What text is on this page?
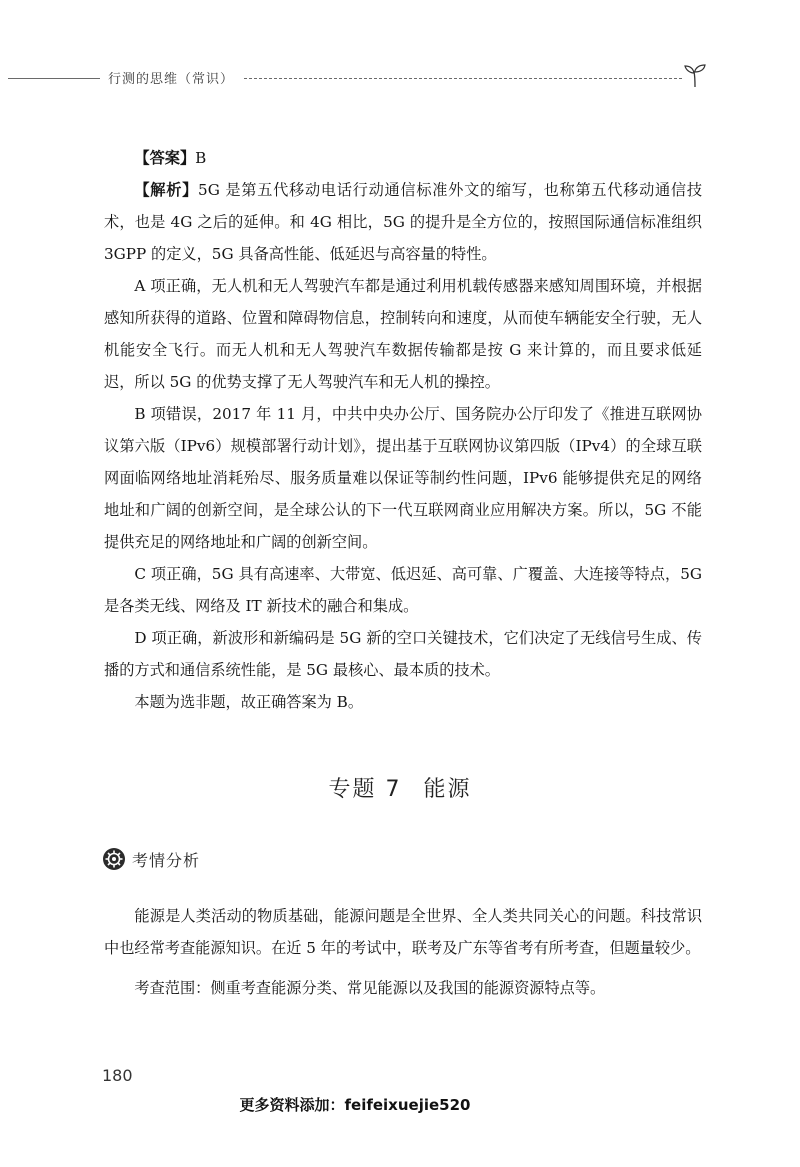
行测的思维（常识）

【答案】B

【解析】5G 是第五代移动电话行动通信标准外文的缩写，也称第五代移动通信技术，也是 4G 之后的延伸。和 4G 相比，5G 的提升是全方位的，按照国际通信标准组织 3GPP 的定义，5G 具备高性能、低延迟与高容量的特性。

A 项正确，无人机和无人驾驶汽车都是通过利用机载传感器来感知周围环境，并根据感知所获得的道路、位置和障碍物信息，控制转向和速度，从而使车辆能安全行驶，无人机能安全飞行。而无人机和无人驾驶汽车数据传输都是按 G 来计算的，而且要求低延迟，所以 5G 的优势支撑了无人驾驶汽车和无人机的操控。

B 项错误，2017 年 11 月，中共中央办公厅、国务院办公厅印发了《推进互联网协议第六版（IPv6）规模部署行动计划》，提出基于互联网协议第四版（IPv4）的全球互联网面临网络地址消耗殆尽、服务质量难以保证等制约性问题，IPv6 能够提供充足的网络地址和广阔的创新空间，是全球公认的下一代互联网商业应用解决方案。所以，5G 不能提供充足的网络地址和广阔的创新空间。

C 项正确，5G 具有高速率、大带宽、低迟延、高可靠、广覆盖、大连接等特点，5G 是各类无线、网络及 IT 新技术的融合和集成。

D 项正确，新波形和新编码是 5G 新的空口关键技术，它们决定了无线信号生成、传播的方式和通信系统性能，是 5G 最核心、最本质的技术。

本题为选非题，故正确答案为 B。

专题 7 能源
考情分析

能源是人类活动的物质基础，能源问题是全世界、全人类共同关心的问题。科技常识中也经常考查能源知识。在近 5 年的考试中，联考及广东等省考有所考查，但题量较少。

考查范围：侧重考查能源分类、常见能源以及我国的能源资源特点等。

180
更多资料添加：feifeixuejie520
